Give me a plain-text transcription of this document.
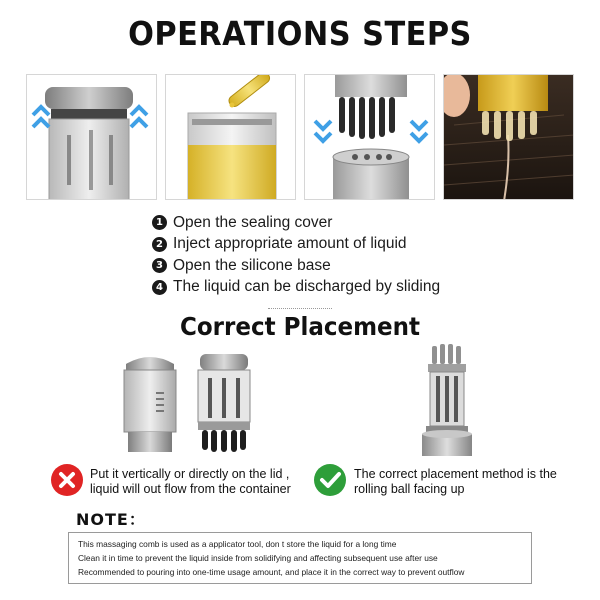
OPERATIONS STEPS
1 Open the sealing cover
2 Inject appropriate amount of liquid
3 Open the silicone base
4 The liquid can be discharged by sliding
Correct Placement
Put it vertically or directly on the lid ,
liquid will out flow from the container
The correct placement method is the
rolling ball facing up
NOTE：
This massaging comb is used as a applicator tool, don t store the liquid for a long time
Clean it in time to prevent the liquid inside from solidifying and affecting subsequent use after use
Recommended to pouring into one-time usage amount, and place it in the correct way to prevent outflow
